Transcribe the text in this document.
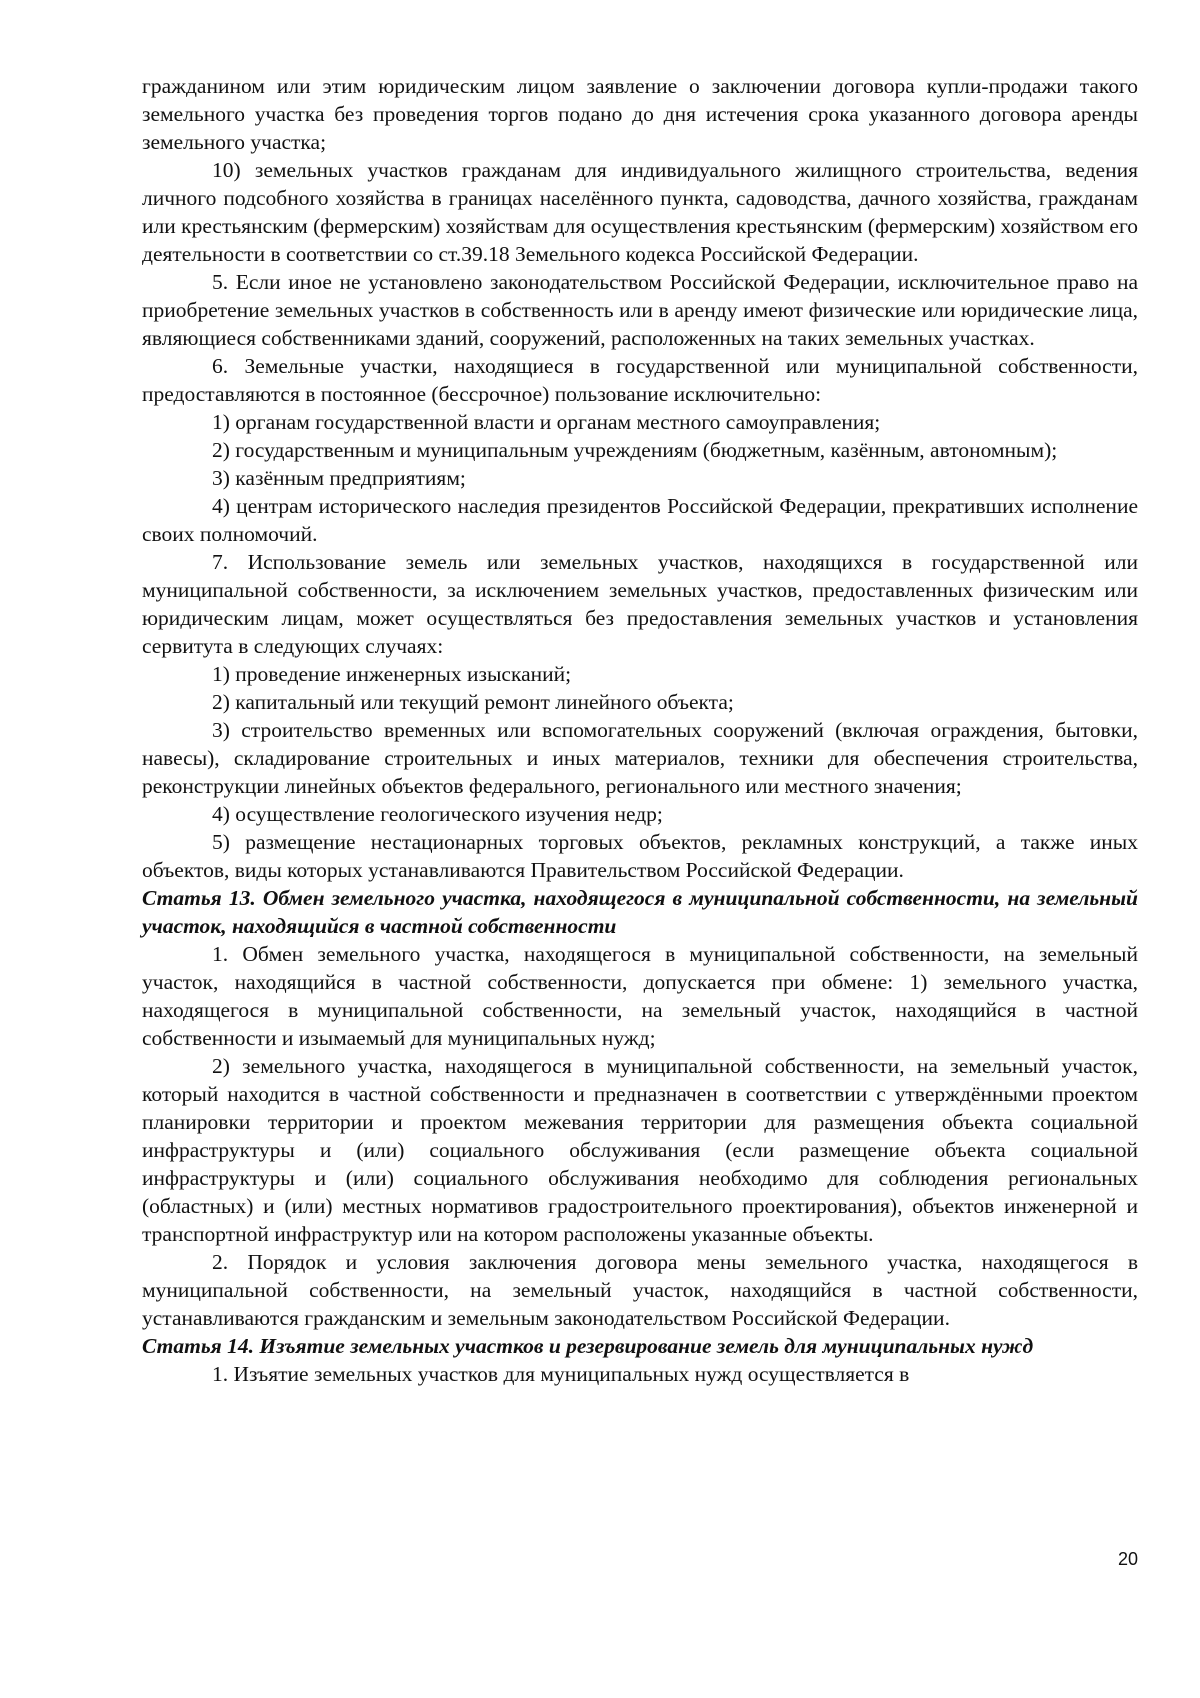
гражданином или этим юридическим лицом заявление о заключении договора купли-продажи такого земельного участка без проведения торгов подано до дня истечения срока указанного договора аренды земельного участка;

10) земельных участков гражданам для индивидуального жилищного строительства, ведения личного подсобного хозяйства в границах населённого пункта, садоводства, дачного хозяйства, гражданам или крестьянским (фермерским) хозяйствам для осуществления крестьянским (фермерским) хозяйством его деятельности в соответствии со ст.39.18 Земельного кодекса Российской Федерации.

5. Если иное не установлено законодательством Российской Федерации, исключительное право на приобретение земельных участков в собственность или в аренду имеют физические или юридические лица, являющиеся собственниками зданий, сооружений, расположенных на таких земельных участках.

6. Земельные участки, находящиеся в государственной или муниципальной собственности, предоставляются в постоянное (бессрочное) пользование исключительно:

1) органам государственной власти и органам местного самоуправления;

2) государственным и муниципальным учреждениям (бюджетным, казённым, автономным);

3) казённым предприятиям;

4) центрам исторического наследия президентов Российской Федерации, прекративших исполнение своих полномочий.

7. Использование земель или земельных участков, находящихся в государственной или муниципальной собственности, за исключением земельных участков, предоставленных физическим или юридическим лицам, может осуществляться без предоставления земельных участков и установления сервитута в следующих случаях:

1) проведение инженерных изысканий;

2) капитальный или текущий ремонт линейного объекта;

3) строительство временных или вспомогательных сооружений (включая ограждения, бытовки, навесы), складирование строительных и иных материалов, техники для обеспечения строительства, реконструкции линейных объектов федерального, регионального или местного значения;

4) осуществление геологического изучения недр;

5) размещение нестационарных торговых объектов, рекламных конструкций, а также иных объектов, виды которых устанавливаются Правительством Российской Федерации.

Статья 13. Обмен земельного участка, находящегося в муниципальной собственности, на земельный участок, находящийся в частной собственности

1. Обмен земельного участка, находящегося в муниципальной собственности, на земельный участок, находящийся в частной собственности, допускается при обмене: 1) земельного участка, находящегося в муниципальной собственности, на земельный участок, находящийся в частной собственности и изымаемый для муниципальных нужд;

2) земельного участка, находящегося в муниципальной собственности, на земельный участок, который находится в частной собственности и предназначен в соответствии с утверждёнными проектом планировки территории и проектом межевания территории для размещения объекта социальной инфраструктуры и (или) социального обслуживания (если размещение объекта социальной инфраструктуры и (или) социального обслуживания необходимо для соблюдения региональных (областных) и (или) местных нормативов градостроительного проектирования), объектов инженерной и транспортной инфраструктур или на котором расположены указанные объекты.

2. Порядок и условия заключения договора мены земельного участка, находящегося в муниципальной собственности, на земельный участок, находящийся в частной собственности, устанавливаются гражданским и земельным законодательством Российской Федерации.

Статья 14. Изъятие земельных участков и резервирование земель для муниципальных нужд

1. Изъятие земельных участков для муниципальных нужд осуществляется в

20
